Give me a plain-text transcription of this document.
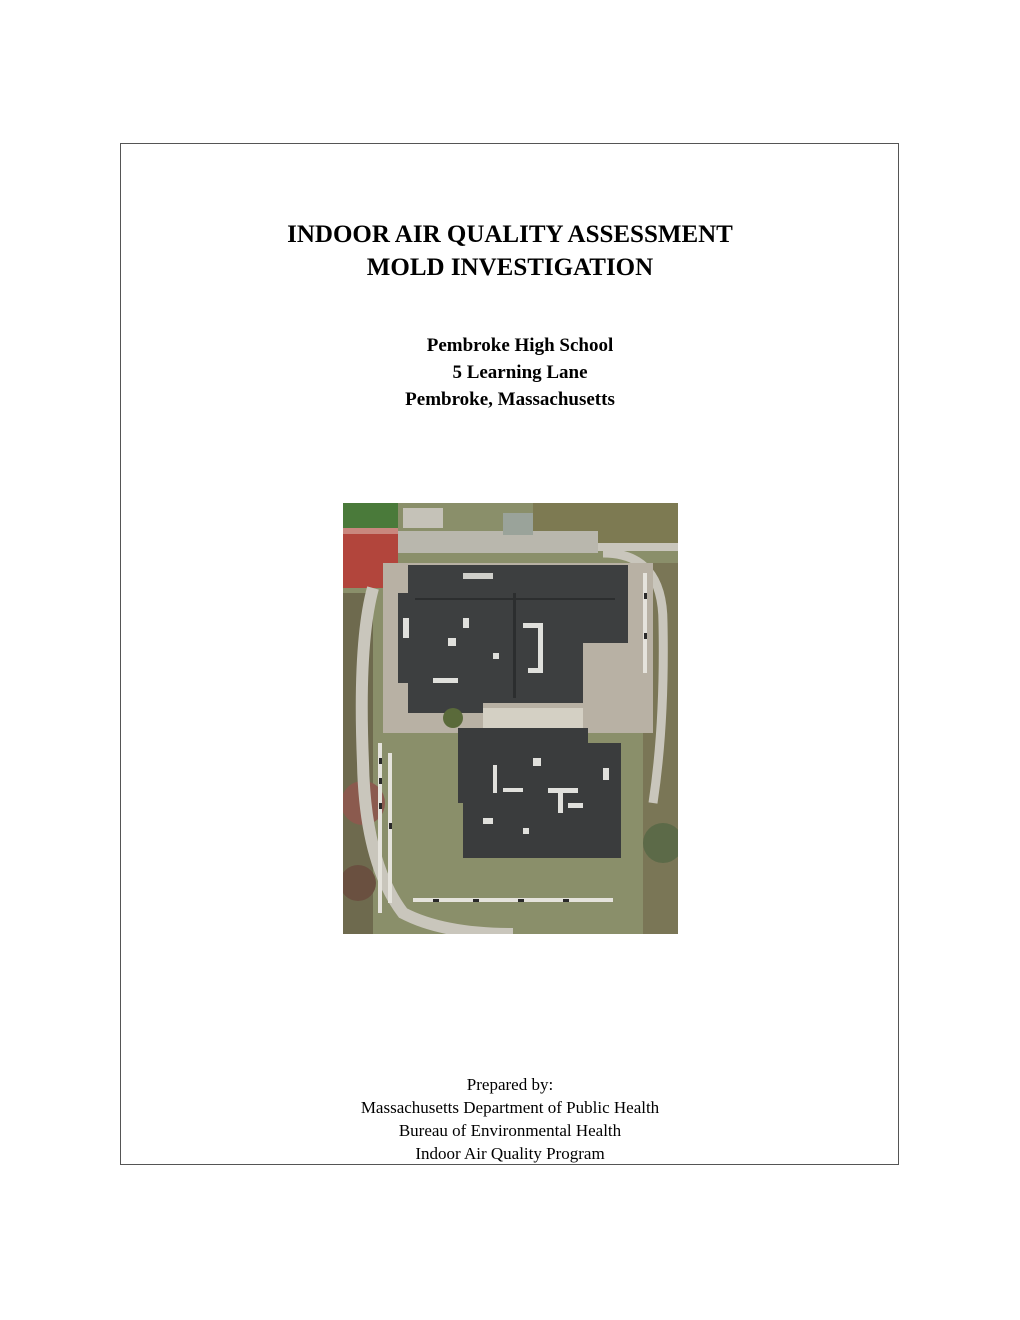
INDOOR AIR QUALITY ASSESSMENT
MOLD INVESTIGATION
Pembroke High School
5 Learning Lane
Pembroke, Massachusetts
Prepared by:
Massachusetts Department of Public Health
Bureau of Environmental Health
Indoor Air Quality Program
